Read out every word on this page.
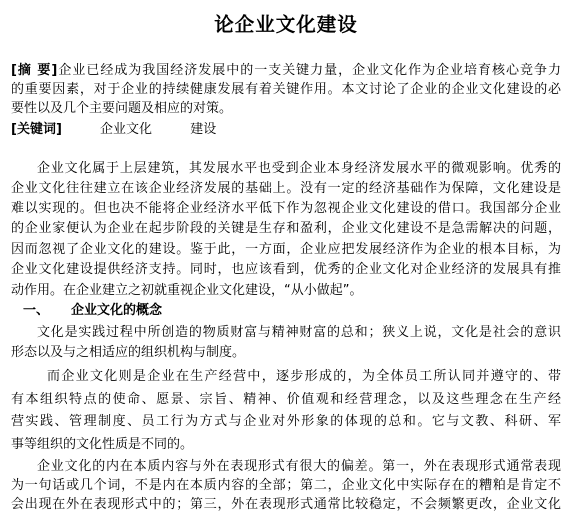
论企业文化建设
[摘 要]企业已经成为我国经济发展中的一支关键力量，企业文化作为企业培育核心竞争力
的重要因素，对于企业的持续健康发展有着关键作用。本文讨论了企业的企业文化建设的必
要性以及几个主要问题及相应的对策。
[关键词]	企业文化	建设
企业文化属于上层建筑，其发展水平也受到企业本身经济发展水平的微观影响。优秀的
企业文化往往建立在该企业经济发展的基础上。没有一定的经济基础作为保障，文化建设是
难以实现的。但也决不能将企业经济水平低下作为忽视企业文化建设的借口。我国部分企业
的企业家便认为企业在起步阶段的关键是生存和盈利，企业文化建设不是急需解决的问题，
因而忽视了企业文化的建设。鉴于此，一方面，企业应把发展经济作为企业的根本目标，为
企业文化建设提供经济支持。同时，也应该看到，优秀的企业文化对企业经济的发展具有推
动作用。在企业建立之初就重视企业文化建设，“从小做起”。
一、 企业文化的概念
文化是实践过程中所创造的物质财富与精神财富的总和；狭义上说，文化是社会的意识
形态以及与之相适应的组织机构与制度。
而企业文化则是企业在生产经营中，逐步形成的，为全体员工所认同并遵守的、带
有本组织特点的使命、愿景、宗旨、精神、价值观和经营理念，以及这些理念在生产经
营实践、管理制度、员工行为方式与企业对外形象的体现的总和。它与文教、科研、军
事等组织的文化性质是不同的。
企业文化的内在本质内容与外在表现形式有很大的偏差。第一，外在表现形式通常表现
为一句话或几个词，不是内在本质内容的全部；第二，企业文化中实际存在的糟粕是肯定不
会出现在外在表现形式中的；第三，外在表现形式通常比较稳定，不会频繁更改，企业文化
